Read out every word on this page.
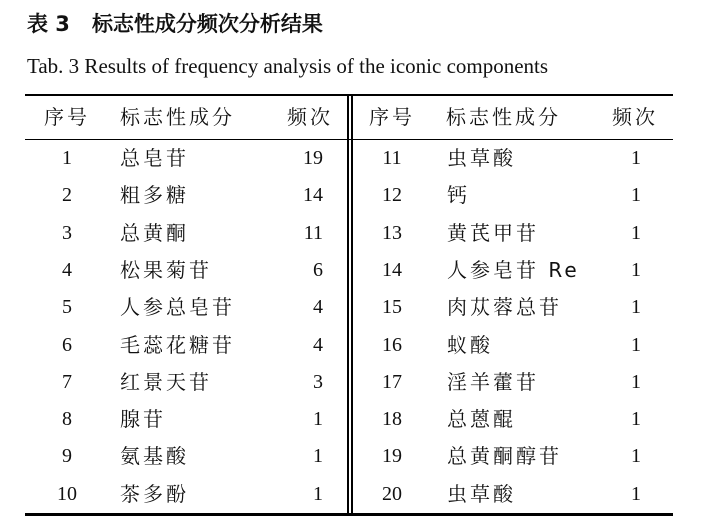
表 3 标志性成分频次分析结果
Tab. 3 Results of frequency analysis of the iconic components
序号	标志性成分	频次	序号	标志性成分	频次
1	总皂苷	19	11	虫草酸	1
2	粗多糖	14	12	钙	1
3	总黄酮	11	13	黄芪甲苷	1
4	松果菊苷	6	14	人参皂苷 Re	1
5	人参总皂苷	4	15	肉苁蓉总苷	1
6	毛蕊花糖苷	4	16	蚁酸	1
7	红景天苷	3	17	淫羊藿苷	1
8	腺苷	1	18	总蒽醌	1
9	氨基酸	1	19	总黄酮醇苷	1
10	茶多酚	1	20	虫草酸	1
